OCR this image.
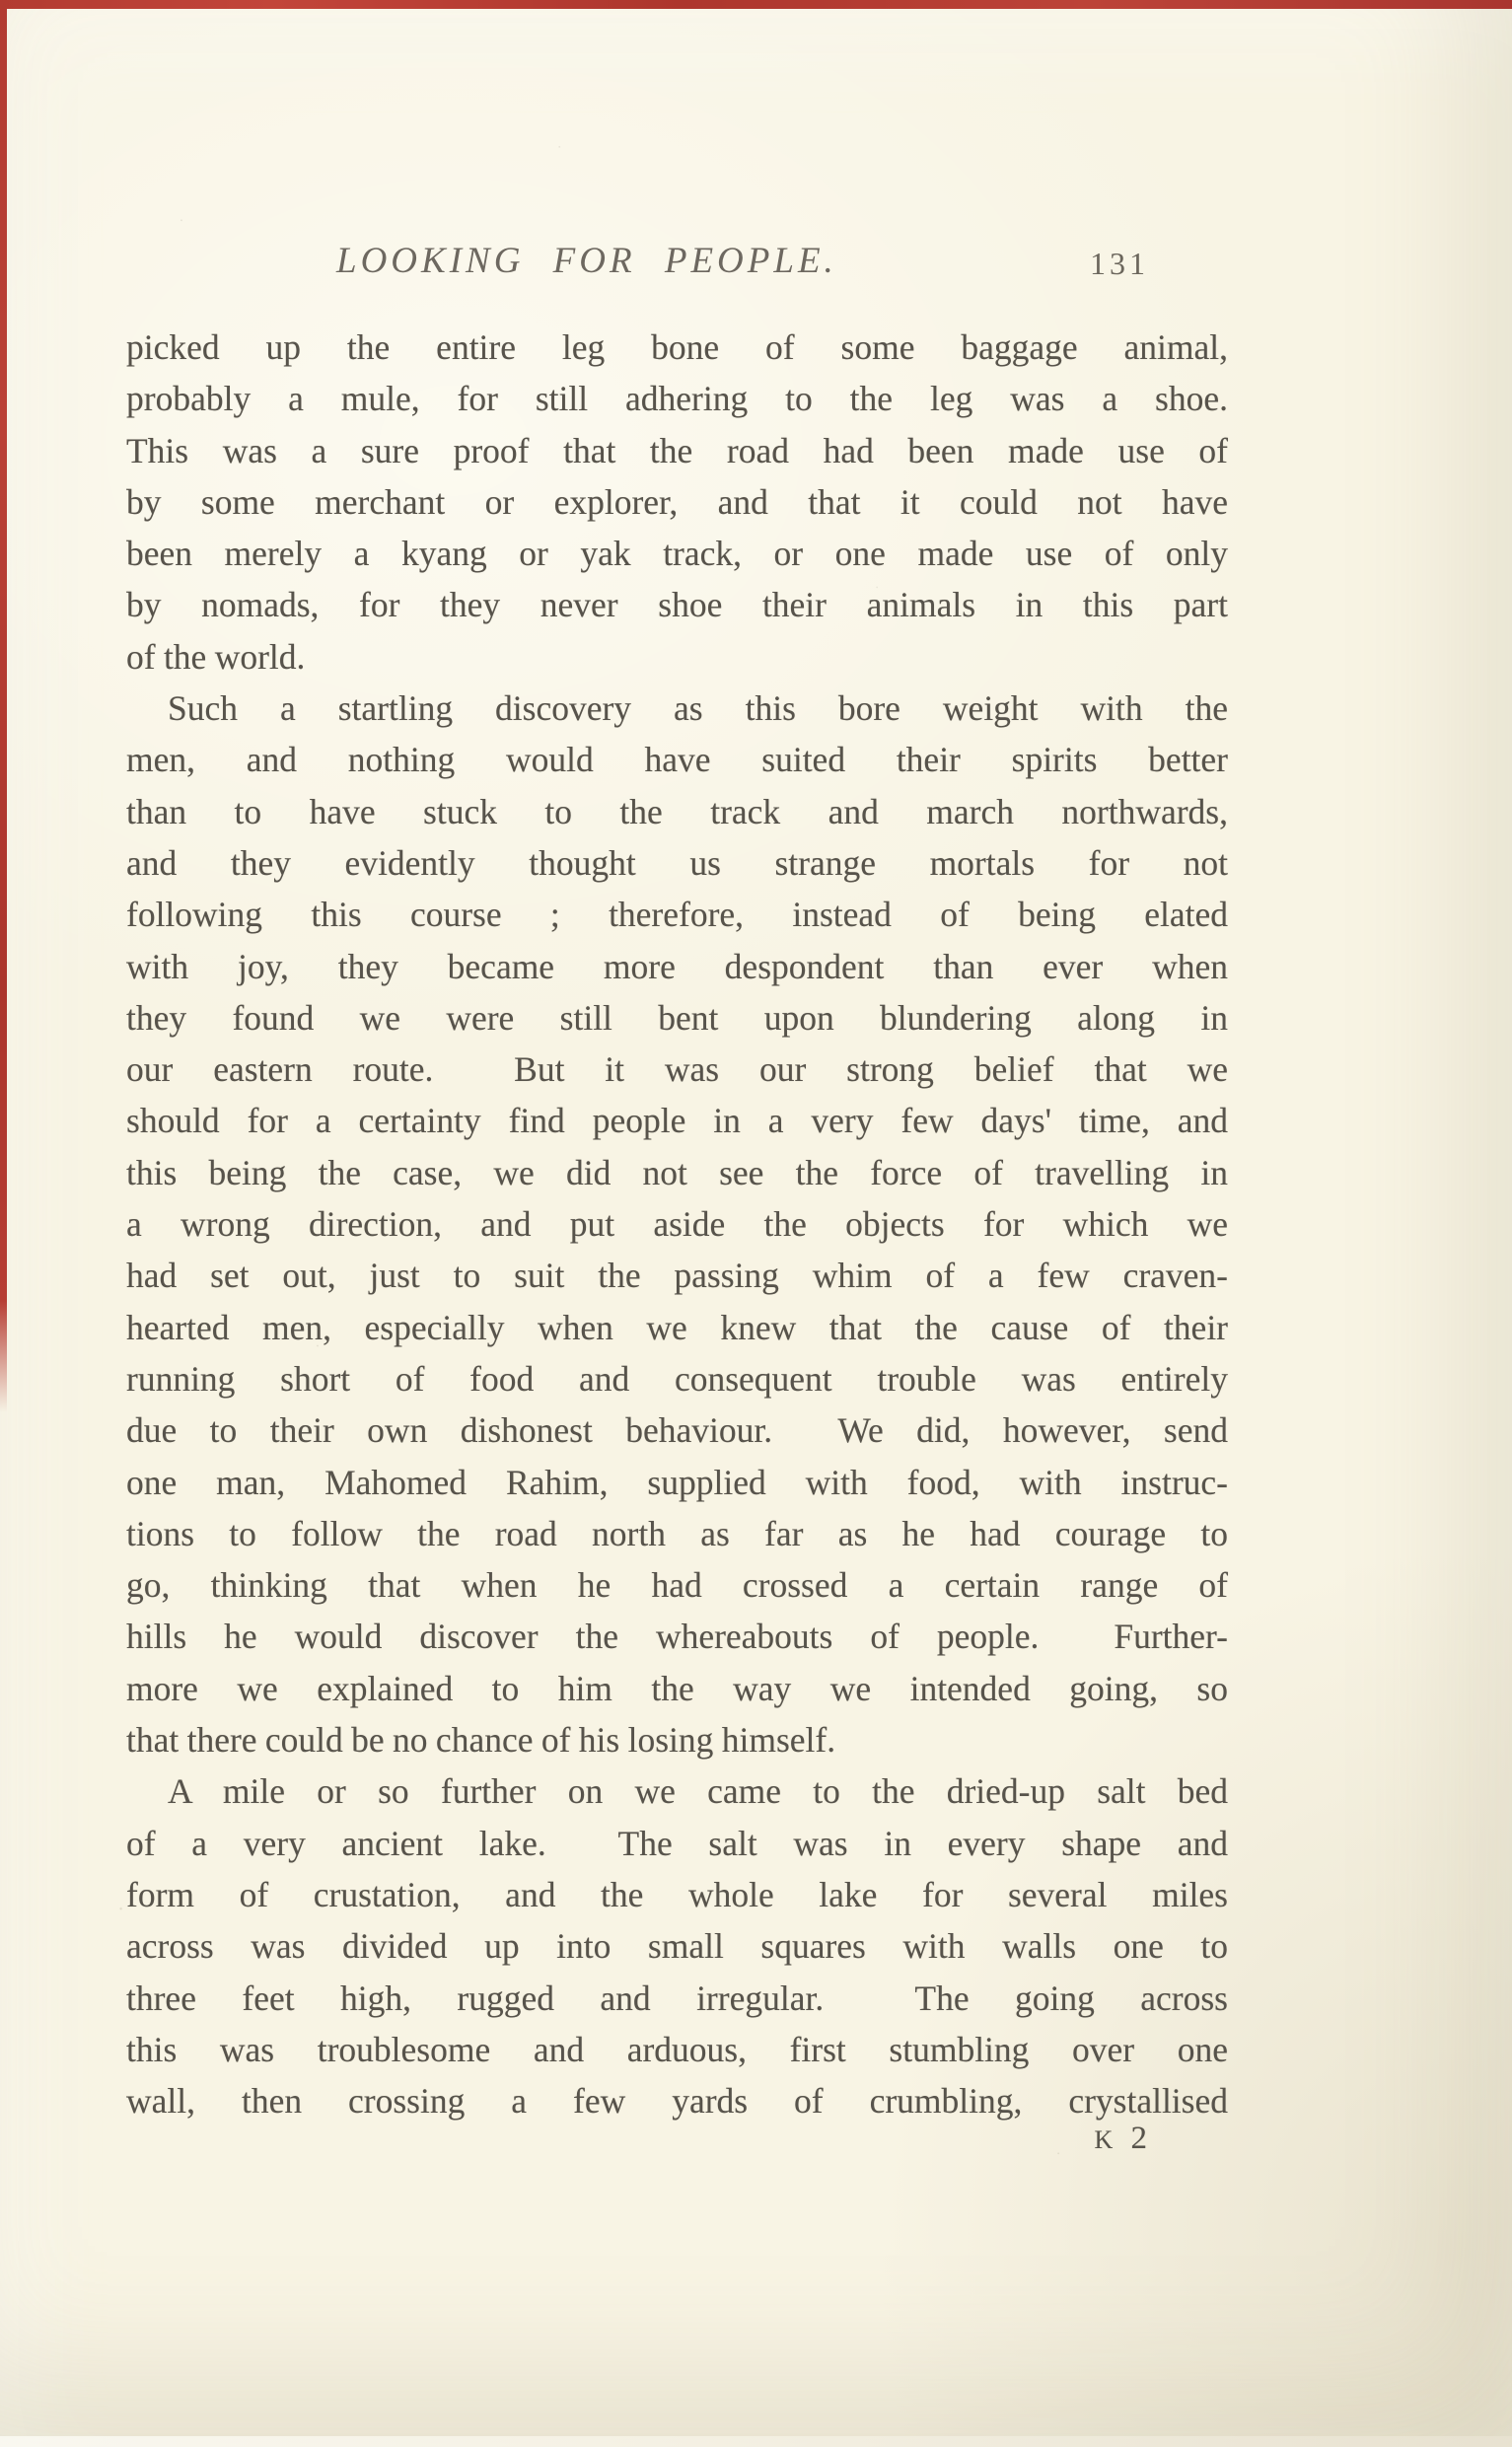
LOOKING FOR PEOPLE.	131
picked up the entire leg bone of some baggage animal,
probably a mule, for still adhering to the leg was a shoe.
This was a sure proof that the road had been made use of
by some merchant or explorer, and that it could not have
been merely a kyang or yak track, or one made use of only
by nomads, for they never shoe their animals in this part
of the world.
Such a startling discovery as this bore weight with the
men, and nothing would have suited their spirits better
than to have stuck to the track and march northwards,
and they evidently thought us strange mortals for not
following this course ; therefore, instead of being elated
with joy, they became more despondent than ever when
they found we were still bent upon blundering along in
our eastern route.  But it was our strong belief that we
should for a certainty find people in a very few days' time, and
this being the case, we did not see the force of travelling in
a wrong direction, and put aside the objects for which we
had set out, just to suit the passing whim of a few craven-
hearted men, especially when we knew that the cause of their
running short of food and consequent trouble was entirely
due to their own dishonest behaviour.  We did, however, send
one man, Mahomed Rahim, supplied with food, with instruc-
tions to follow the road north as far as he had courage to
go, thinking that when he had crossed a certain range of
hills he would discover the whereabouts of people.  Further-
more we explained to him the way we intended going, so
that there could be no chance of his losing himself.
A mile or so further on we came to the dried-up salt bed
of a very ancient lake.  The salt was in every shape and
form of crustation, and the whole lake for several miles
across was divided up into small squares with walls one to
three feet high, rugged and irregular.  The going across
this was troublesome and arduous, first stumbling over one
wall, then crossing a few yards of crumbling, crystallised
K 2
